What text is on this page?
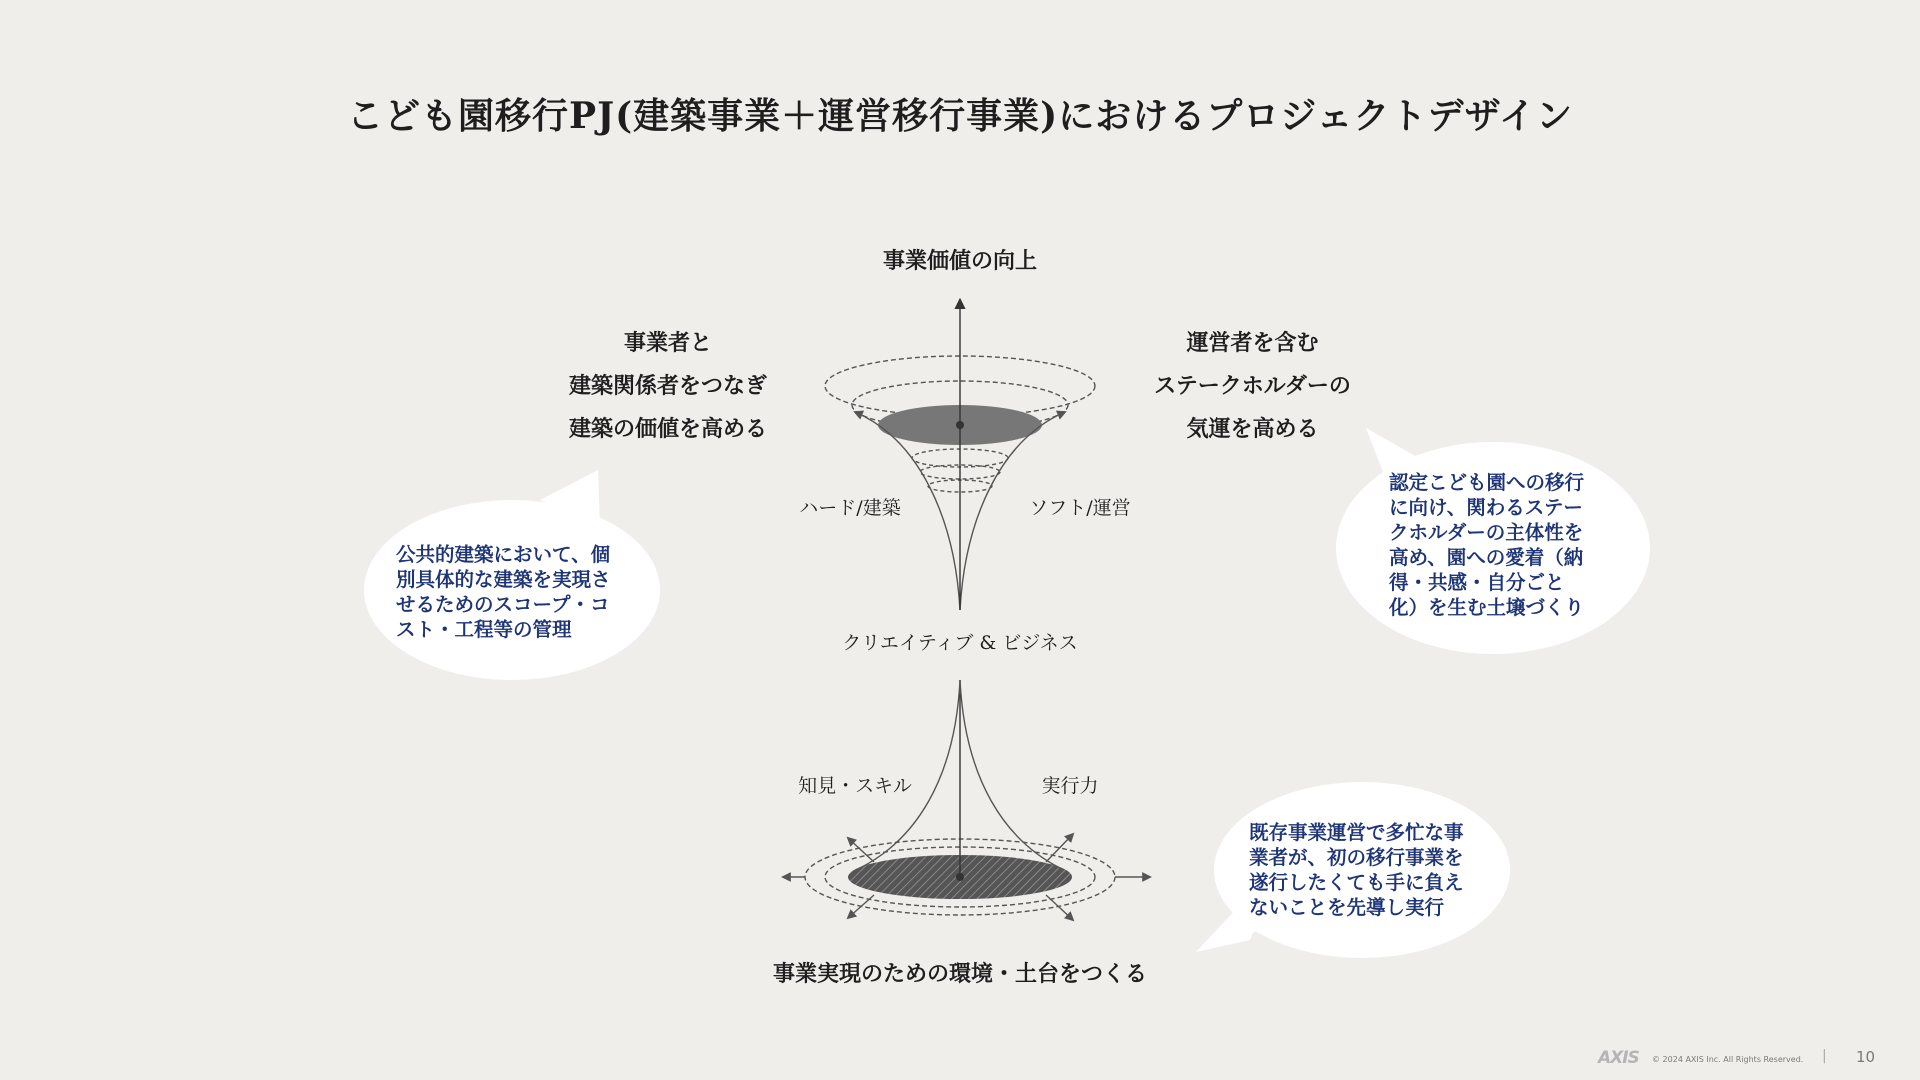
こども園移行PJ(建築事業＋運営移行事業)におけるプロジェクトデザイン
事業価値の向上
事業者と
建築関係者をつなぎ
建築の価値を高める
運営者を含む
ステークホルダーの
気運を高める
ハード/建築	ソフト/運営
クリエイティブ & ビジネス
知見・スキル	実行力
事業実現のための環境・土台をつくる
公共的建築において、個
別具体的な建築を実現さ
せるためのスコープ・コ
スト・工程等の管理
認定こども園への移行
に向け、関わるステー
クホルダーの主体性を
高め、園への愛着（納
得・共感・自分ごと
化）を生む土壌づくり
既存事業運営で多忙な事
業者が、初の移行事業を
遂行したくても手に負え
ないことを先導し実行
AXIS © 2024 AXIS Inc. All Rights Reserved. | 10
